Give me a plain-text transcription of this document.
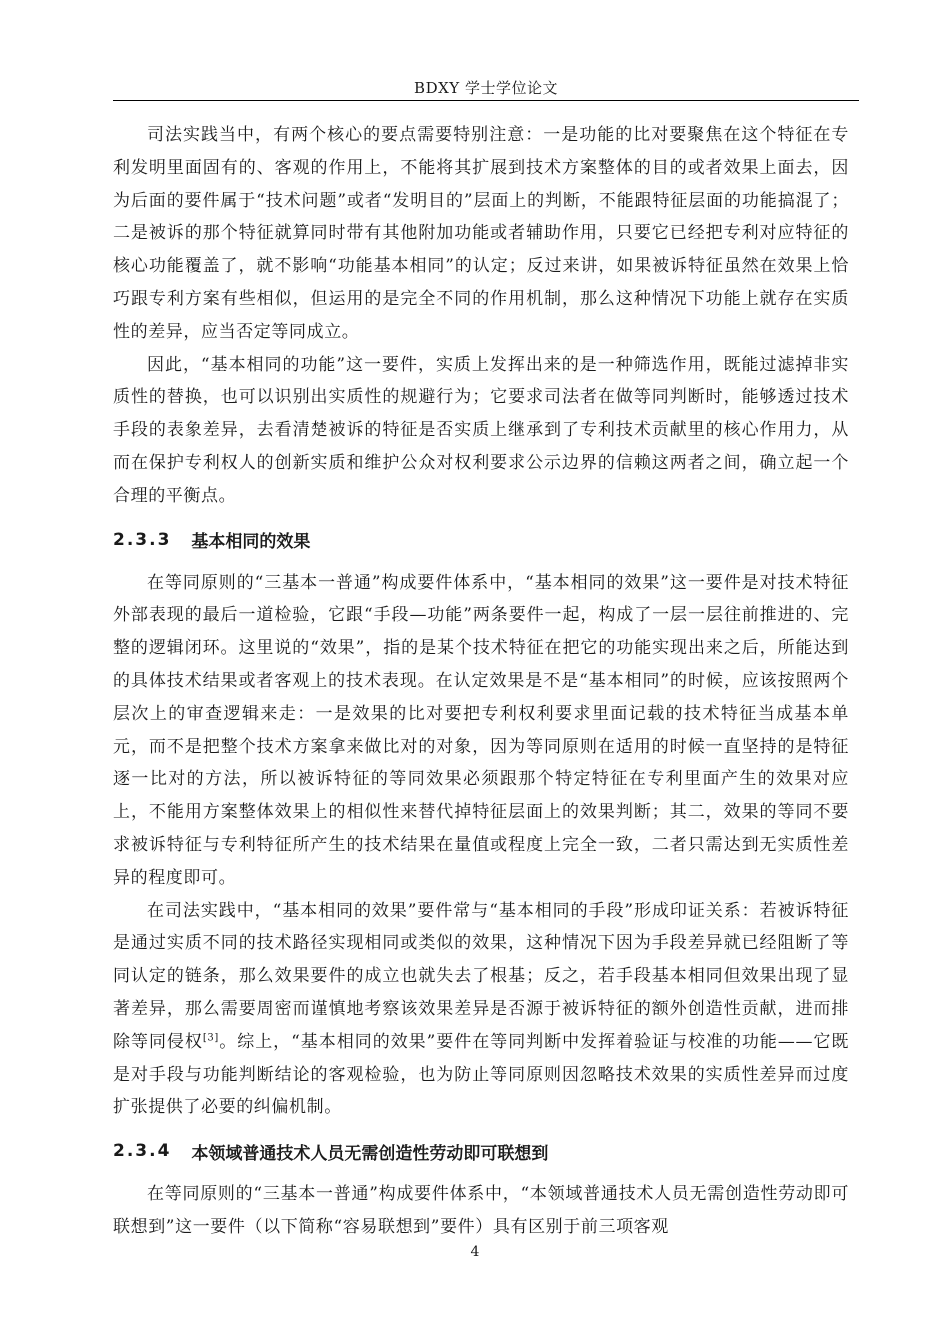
BDXY 学士学位论文

司法实践当中，有两个核心的要点需要特别注意：一是功能的比对要聚焦在这个特征在专利发明里面固有的、客观的作用上，不能将其扩展到技术方案整体的目的或者效果上面去，因为后面的要件属于“技术问题”或者“发明目的”层面上的判断，不能跟特征层面的功能搞混了；二是被诉的那个特征就算同时带有其他附加功能或者辅助作用，只要它已经把专利对应特征的核心功能覆盖了，就不影响“功能基本相同”的认定；反过来讲，如果被诉特征虽然在效果上恰巧跟专利方案有些相似，但运用的是完全不同的作用机制，那么这种情况下功能上就存在实质性的差异，应当否定等同成立。

因此，“基本相同的功能”这一要件，实质上发挥出来的是一种筛选作用，既能过滤掉非实质性的替换，也可以识别出实质性的规避行为；它要求司法者在做等同判断时，能够透过技术手段的表象差异，去看清楚被诉的特征是否实质上继承到了专利技术贡献里的核心作用力，从而在保护专利权人的创新实质和维护公众对权利要求公示边界的信赖这两者之间，确立起一个合理的平衡点。

2.3.3 基本相同的效果

在等同原则的“三基本一普通”构成要件体系中，“基本相同的效果”这一要件是对技术特征外部表现的最后一道检验，它跟“手段—功能”两条要件一起，构成了一层一层往前推进的、完整的逻辑闭环。这里说的“效果”，指的是某个技术特征在把它的功能实现出来之后，所能达到的具体技术结果或者客观上的技术表现。在认定效果是不是“基本相同”的时候，应该按照两个层次上的审查逻辑来走：一是效果的比对要把专利权利要求里面记载的技术特征当成基本单元，而不是把整个技术方案拿来做比对的对象，因为等同原则在适用的时候一直坚持的是特征逐一比对的方法，所以被诉特征的等同效果必须跟那个特定特征在专利里面产生的效果对应上，不能用方案整体效果上的相似性来替代掉特征层面上的效果判断；其二，效果的等同不要求被诉特征与专利特征所产生的技术结果在量值或程度上完全一致，二者只需达到无实质性差异的程度即可。

在司法实践中，“基本相同的效果”要件常与“基本相同的手段”形成印证关系：若被诉特征是通过实质不同的技术路径实现相同或类似的效果，这种情况下因为手段差异就已经阻断了等同认定的链条，那么效果要件的成立也就失去了根基；反之，若手段基本相同但效果出现了显著差异，那么需要周密而谨慎地考察该效果差异是否源于被诉特征的额外创造性贡献，进而排除等同侵权[3]。综上，“基本相同的效果”要件在等同判断中发挥着验证与校准的功能——它既是对手段与功能判断结论的客观检验，也为防止等同原则因忽略技术效果的实质性差异而过度扩张提供了必要的纠偏机制。

2.3.4 本领域普通技术人员无需创造性劳动即可联想到

在等同原则的“三基本一普通”构成要件体系中，“本领域普通技术人员无需创造性劳动即可联想到”这一要件（以下简称“容易联想到”要件）具有区别于前三项客观

4
